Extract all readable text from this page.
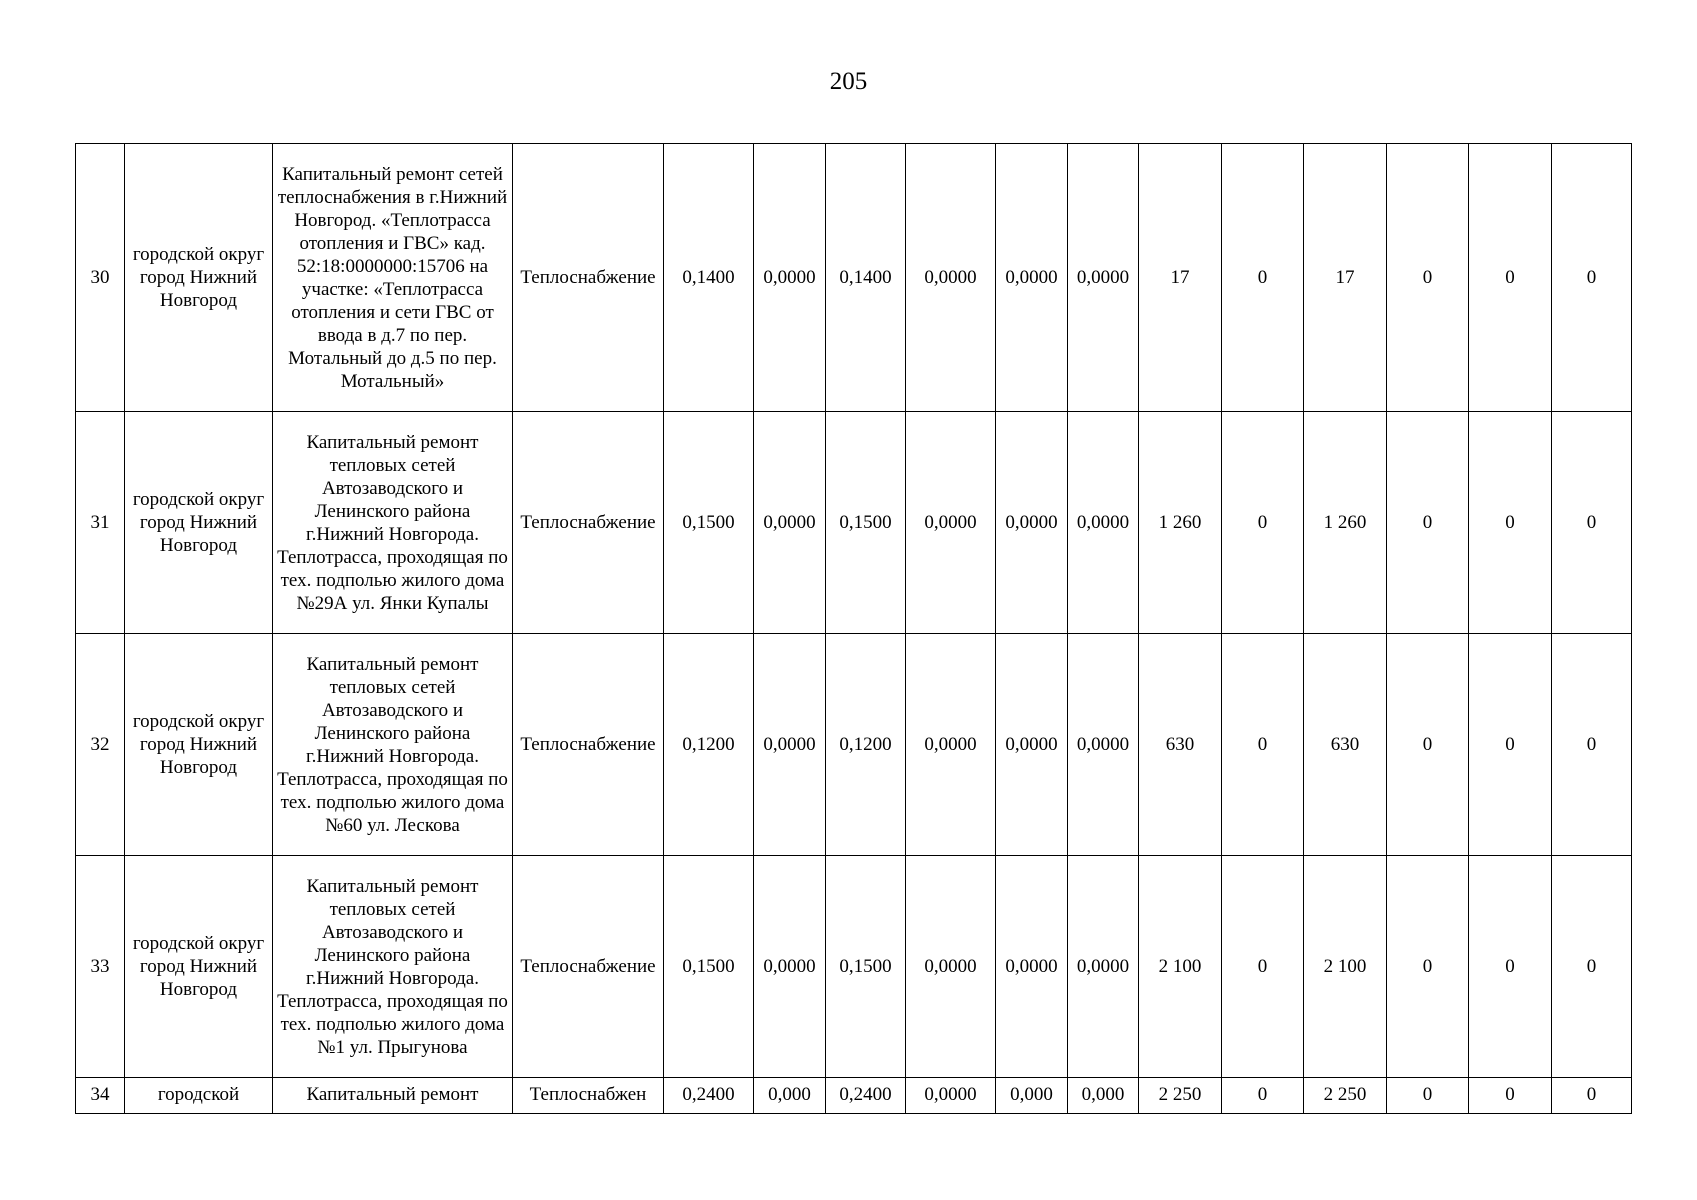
205
30	городской округ город Нижний Новгород	Капитальный ремонт сетей теплоснабжения в г.Нижний Новгород. «Теплотрасса отопления и ГВС» кад. 52:18:0000000:15706 на участке: «Теплотрасса отопления и сети ГВС от ввода в д.7 по пер. Мотальный до д.5 по пер. Мотальный»	Теплоснабжение	0,1400	0,0000	0,1400	0,0000	0,0000	0,0000	17	0	17	0	0	0
31	городской округ город Нижний Новгород	Капитальный ремонт тепловых сетей Автозаводского и Ленинского района г.Нижний Новгорода. Теплотрасса, проходящая по тех. подполью жилого дома №29А ул. Янки Купалы	Теплоснабжение	0,1500	0,0000	0,1500	0,0000	0,0000	0,0000	1 260	0	1 260	0	0	0
32	городской округ город Нижний Новгород	Капитальный ремонт тепловых сетей Автозаводского и Ленинского района г.Нижний Новгорода. Теплотрасса, проходящая по тех. подполью жилого дома №60 ул. Лескова	Теплоснабжение	0,1200	0,0000	0,1200	0,0000	0,0000	0,0000	630	0	630	0	0	0
33	городской округ город Нижний Новгород	Капитальный ремонт тепловых сетей Автозаводского и Ленинского района г.Нижний Новгорода. Теплотрасса, проходящая по тех. подполью жилого дома №1 ул. Прыгунова	Теплоснабжение	0,1500	0,0000	0,1500	0,0000	0,0000	0,0000	2 100	0	2 100	0	0	0
34	городской	Капитальный ремонт	Теплоснабжен	0,2400	0,000	0,2400	0,0000	0,000	0,000	2 250	0	2 250	0	0	0
